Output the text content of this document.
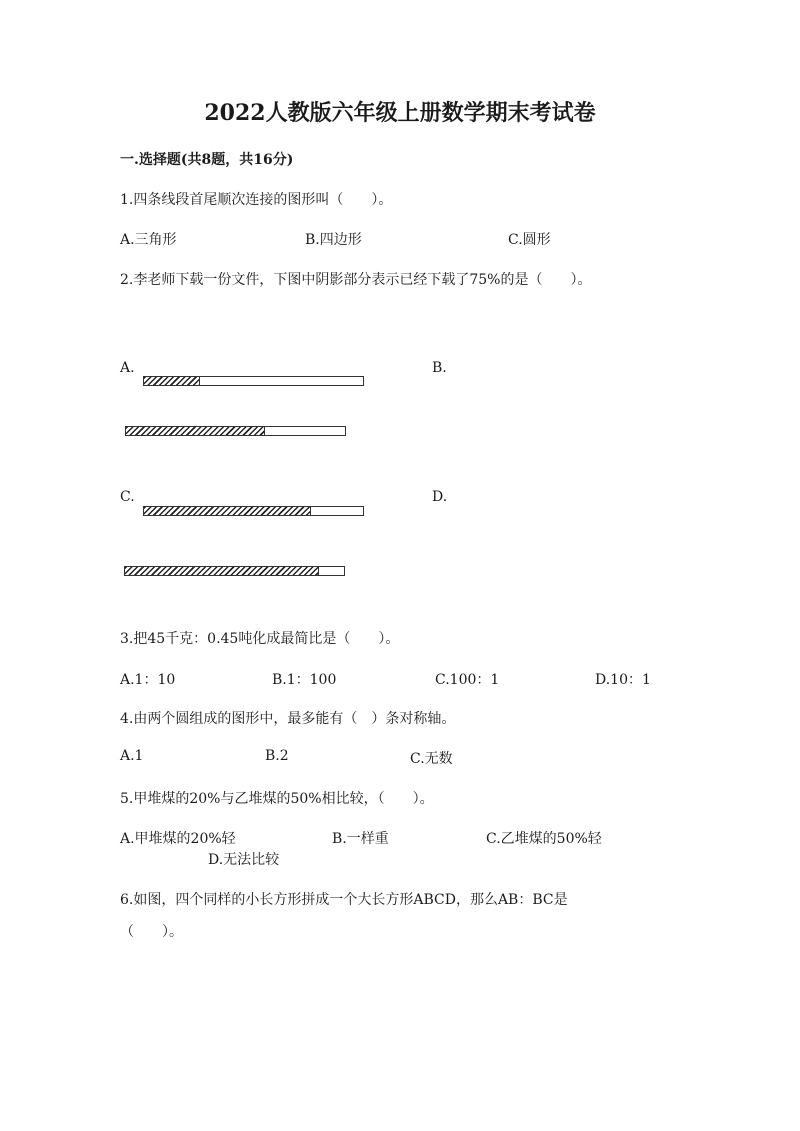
2022人教版六年级上册数学期末考试卷
一.选择题(共8题，共16分)
1.四条线段首尾顺次连接的图形叫（　　）。
A.三角形	B.四边形	C.圆形
2.李老师下载一份文件，下图中阴影部分表示已经下载了75%的是（　　）。
A.	B.
C.	D.
3.把45千克：0.45吨化成最简比是（　　）。
A.1：10	B.1：100	C.100：1	D.10：1
4.由两个圆组成的图形中，最多能有（　）条对称轴。
A.1	B.2	C.无数
5.甲堆煤的20%与乙堆煤的50%相比较，（　　）。
A.甲堆煤的20%轻	B.一样重	C.乙堆煤的50%轻
D.无法比较
6.如图，四个同样的小长方形拼成一个大长方形ABCD，那么AB：BC是
（　　）。
